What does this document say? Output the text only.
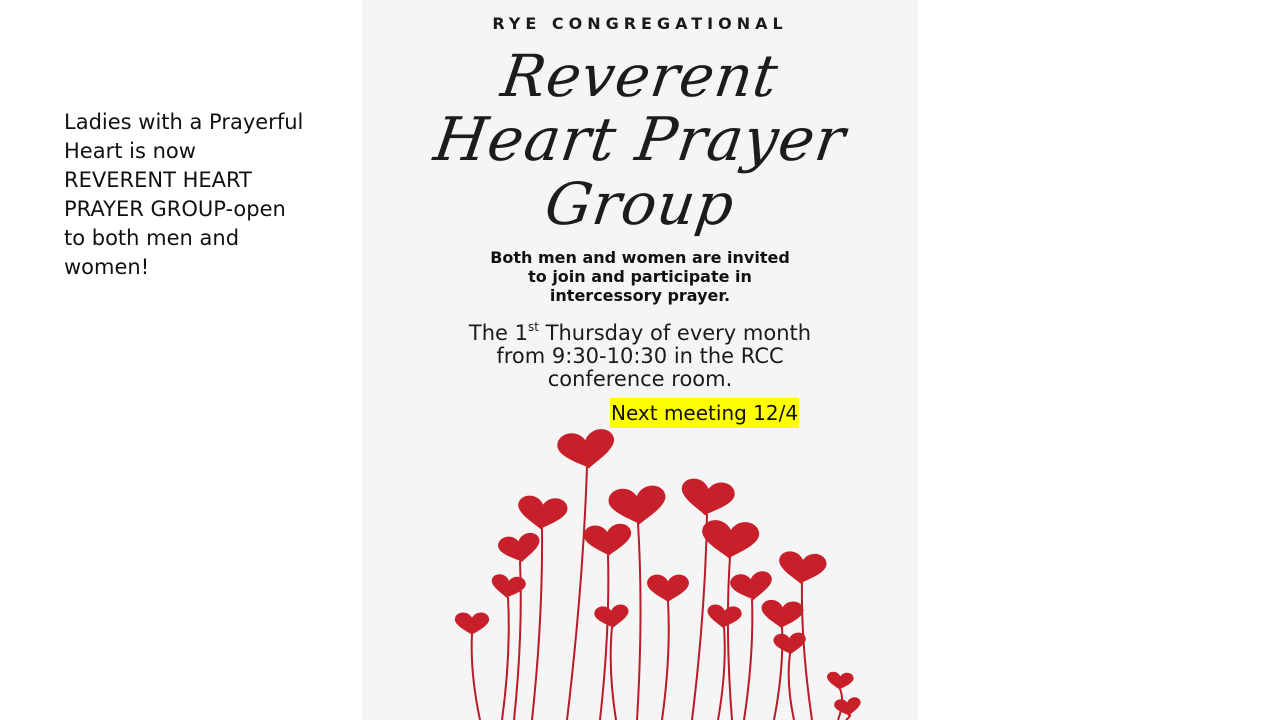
Ladies with a Prayerful
Heart is now
REVERENT HEART
PRAYER GROUP-open
to both men and
women!
RYE CONGREGATIONAL
Reverent
Heart Prayer
Group
Both men and women are invited
to join and participate in
intercessory prayer.
The 1st Thursday of every month
from 9:30-10:30 in the RCC
conference room.
Next meeting 12/4
